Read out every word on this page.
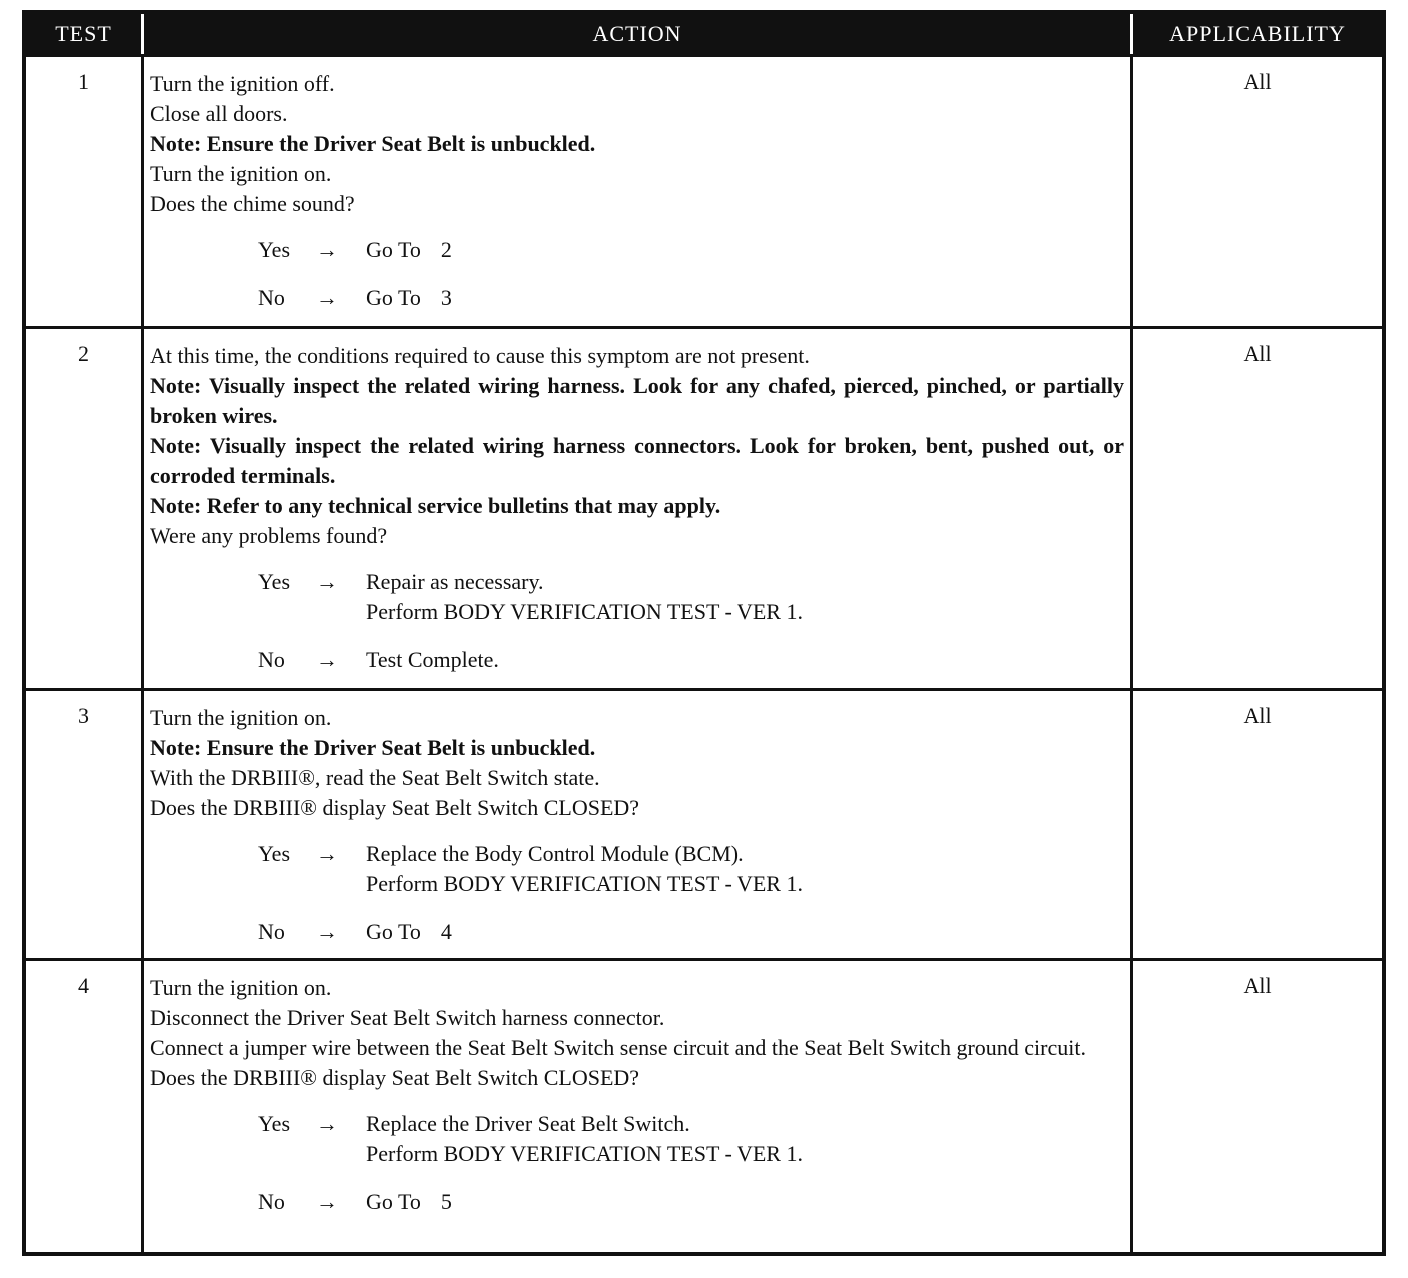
TEST	ACTION	APPLICABILITY
1	Turn the ignition off.
Close all doors.
Note: Ensure the Driver Seat Belt is unbuckled.
Turn the ignition on.
Does the chime sound?
Yes	→	Go To 2
No	→	Go To 3
All
2	At this time, the conditions required to cause this symptom are not present.
Note: Visually inspect the related wiring harness. Look for any chafed, pierced, pinched, or partially broken wires.
Note: Visually inspect the related wiring harness connectors. Look for broken, bent, pushed out, or corroded terminals.
Note: Refer to any technical service bulletins that may apply.
Were any problems found?
Yes	→	Repair as necessary.
Perform BODY VERIFICATION TEST - VER 1.
No	→	Test Complete.
All
3	Turn the ignition on.
Note: Ensure the Driver Seat Belt is unbuckled.
With the DRBIII®, read the Seat Belt Switch state.
Does the DRBIII® display Seat Belt Switch CLOSED?
Yes	→	Replace the Body Control Module (BCM).
Perform BODY VERIFICATION TEST - VER 1.
No	→	Go To 4
All
4	Turn the ignition on.
Disconnect the Driver Seat Belt Switch harness connector.
Connect a jumper wire between the Seat Belt Switch sense circuit and the Seat Belt Switch ground circuit.
Does the DRBIII® display Seat Belt Switch CLOSED?
Yes	→	Replace the Driver Seat Belt Switch.
Perform BODY VERIFICATION TEST - VER 1.
No	→	Go To 5
All
